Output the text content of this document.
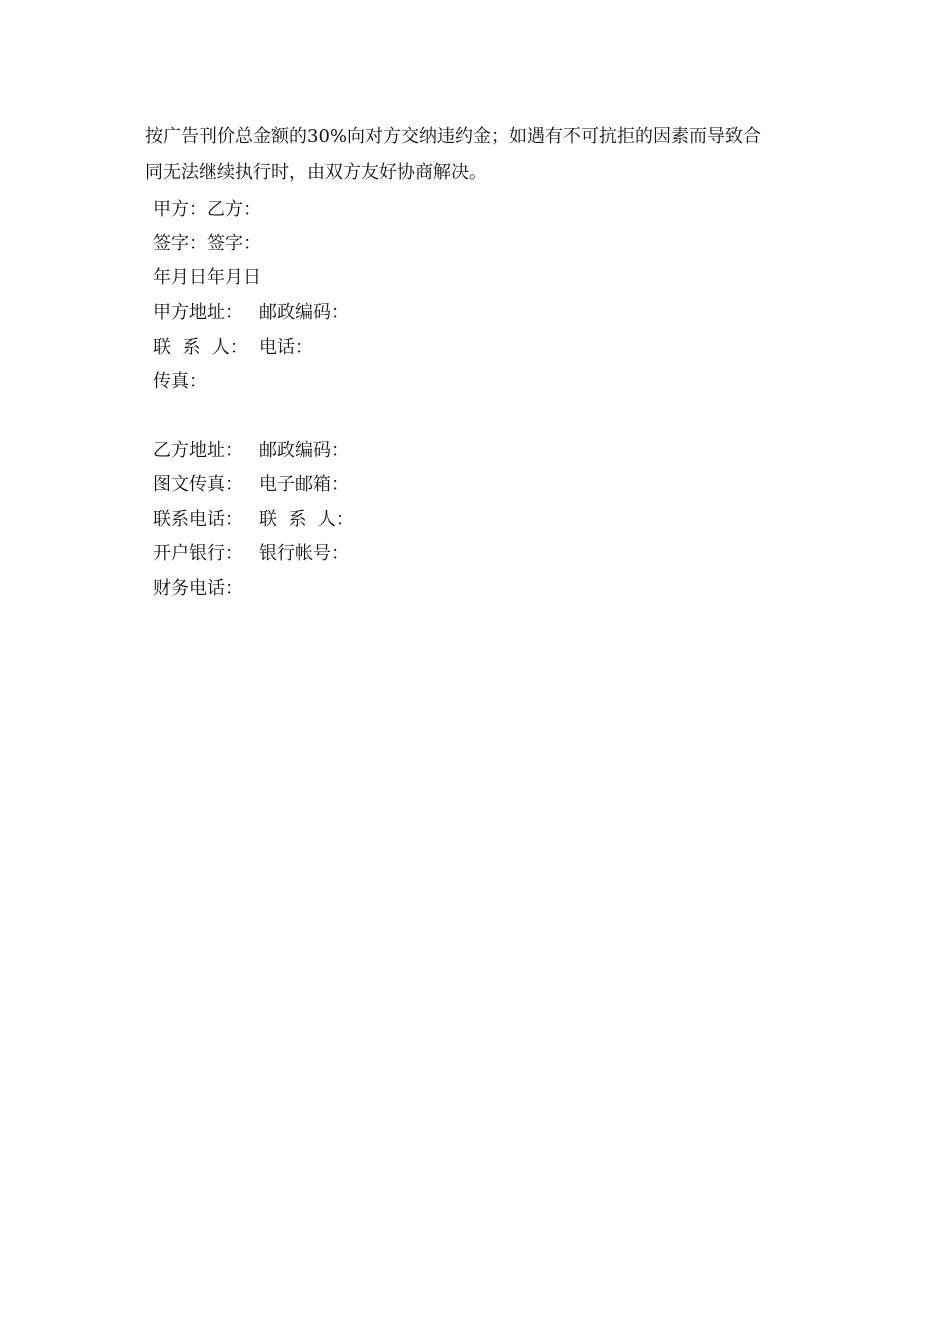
按广告刊价总金额的30%向对方交纳违约金；如遇有不可抗拒的因素而导致合
同无法继续执行时，由双方友好协商解决。
甲方：乙方：
签字：签字：
年月日年月日
甲方地址： 邮政编码：
联  系  人： 电话：
传真：
乙方地址： 邮政编码：
图文传真： 电子邮箱：
联系电话： 联  系  人：
开户银行： 银行帐号：
财务电话：
